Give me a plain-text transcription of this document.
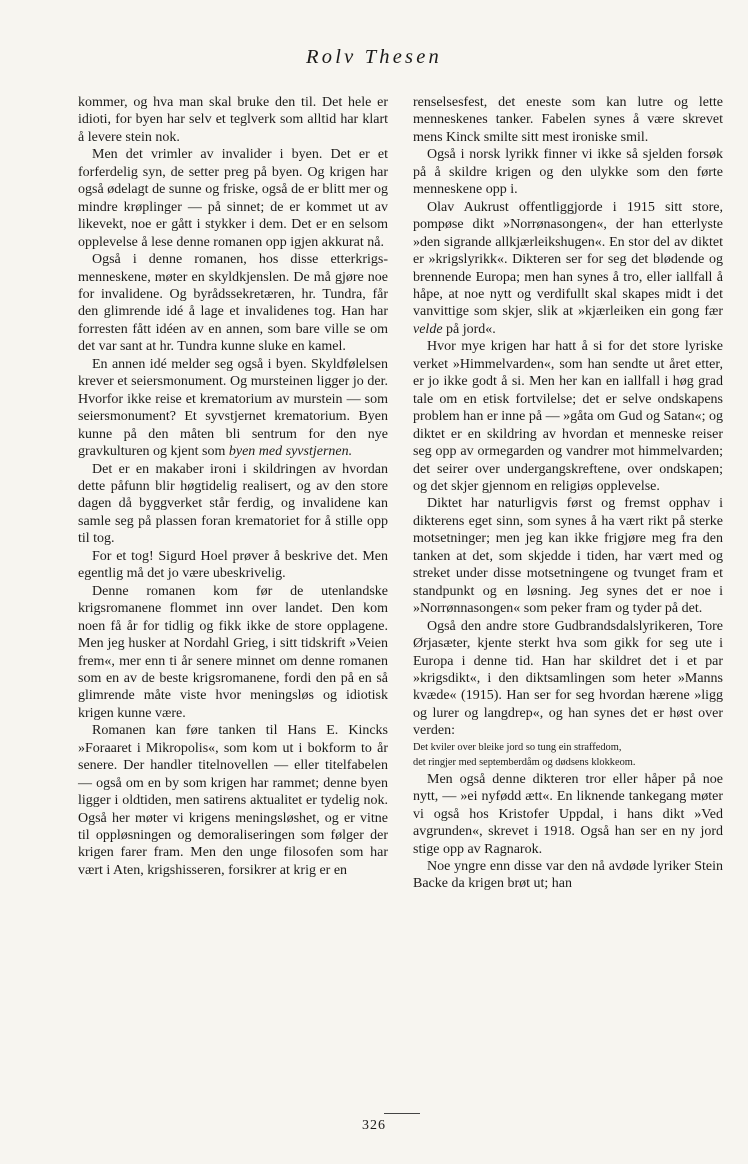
Rolv Thesen

kommer, og hva man skal bruke den til. Det hele er idioti, for byen har selv et teglverk som alltid har klart å levere stein nok.

Men det vrimler av invalider i byen. Det er et forferdelig syn, de setter preg på byen. Og krigen har også ødelagt de sunne og friske, også de er blitt mer og mindre krøplinger — på sinnet; de er kommet ut av likevekt, noe er gått i stykker i dem. Det er en selsom opplevelse å lese denne romanen opp igjen akkurat nå.

Også i denne romanen, hos disse etterkrigsmenneskene, møter en skyldkjenslen. De må gjøre noe for invalidene. Og byrådssekretæren, hr. Tundra, får den glimrende idé å lage et invalidenes tog. Han har forresten fått idéen av en annen, som bare ville se om det var sant at hr. Tundra kunne sluke en kamel.

En annen idé melder seg også i byen. Skyldfølelsen krever et seiersmonument. Og mursteinen ligger jo der. Hvorfor ikke reise et krematorium av murstein — som seiersmonument? Et syvstjernet krematorium. Byen kunne på den måten bli sentrum for den nye gravkulturen og kjent som byen med syvstjernen.

Det er en makaber ironi i skildringen av hvordan dette påfunn blir høgtidelig realisert, og av den store dagen då byggverket står ferdig, og invalidene kan samle seg på plassen foran krematoriet for å stille opp til tog.

For et tog! Sigurd Hoel prøver å beskrive det. Men egentlig må det jo være ubeskrivelig.

Denne romanen kom før de utenlandske krigsromanene flommet inn over landet. Den kom noen få år for tidlig og fikk ikke de store opplagene. Men jeg husker at Nordahl Grieg, i sitt tidskrift »Veien frem«, mer enn ti år senere minnet om denne romanen som en av de beste krigsromanene, fordi den på en så glimrende måte viste hvor meningsløs og idiotisk krigen kunne være.

Romanen kan føre tanken til Hans E. Kincks »Foraaret i Mikropolis«, som kom ut i bokform to år senere. Der handler titelnovellen — eller titelfabelen — også om en by som krigen har rammet; denne byen ligger i oldtiden, men satirens aktualitet er tydelig nok. Også her møter vi krigens meningsløshet, og er vitne til oppløsningen og demoraliseringen som følger der krigen farer fram. Men den unge filosofen som har vært i Aten, krigshisseren, forsikrer at krig er en

renselsesfest, det eneste som kan lutre og lette menneskenes tanker. Fabelen synes å være skrevet mens Kinck smilte sitt mest ironiske smil.

Også i norsk lyrikk finner vi ikke så sjelden forsøk på å skildre krigen og den ulykke som den førte menneskene opp i.

Olav Aukrust offentliggjorde i 1915 sitt store, pompøse dikt »Norrønasongen«, der han etterlyste »den sigrande allkjærleikshugen«. En stor del av diktet er »krigslyrikk«. Dikteren ser for seg det blødende og brennende Europa; men han synes å tro, eller iallfall å håpe, at noe nytt og verdifullt skal skapes midt i det vanvittige som skjer, slik at »kjærleiken ein gong fær velde på jord«.

Hvor mye krigen har hatt å si for det store lyriske verket »Himmelvarden«, som han sendte ut året etter, er jo ikke godt å si. Men her kan en iallfall i høg grad tale om en etisk fortvilelse; det er selve ondskapens problem han er inne på — »gåta om Gud og Satan«; og diktet er en skildring av hvordan et menneske reiser seg opp av ormegarden og vandrer mot himmelvarden; det seirer over undergangskreftene, over ondskapen; og det skjer gjennom en religiøs opplevelse.

Diktet har naturligvis først og fremst opphav i dikterens eget sinn, som synes å ha vært rikt på sterke motsetninger; men jeg kan ikke frigjøre meg fra den tanken at det, som skjedde i tiden, har vært med og streket under disse motsetningene og tvunget fram et standpunkt og en løsning. Jeg synes det er noe i »Norrønnasongen« som peker fram og tyder på det.

Også den andre store Gudbrandsdalslyrikeren, Tore Ørjasæter, kjente sterkt hva som gikk for seg ute i Europa i denne tid. Han har skildret det i et par »krigsdikt«, i den diktsamlingen som heter »Manns kvæde« (1915). Han ser for seg hvordan hærene »ligg og lurer og langdrep«, og han synes det er høst over verden:

Det kviler over bleike jord so tung ein straffedom,
det ringjer med septemberdåm og dødsens klokkeom.

Men også denne dikteren tror eller håper på noe nytt, — »ei nyfødd ætt«. En liknende tankegang møter vi også hos Kristofer Uppdal, i hans dikt »Ved avgrunden«, skrevet i 1918. Også han ser en ny jord stige opp av Ragnarok.

Noe yngre enn disse var den nå avdøde lyriker Stein Backe da krigen brøt ut; han

326
